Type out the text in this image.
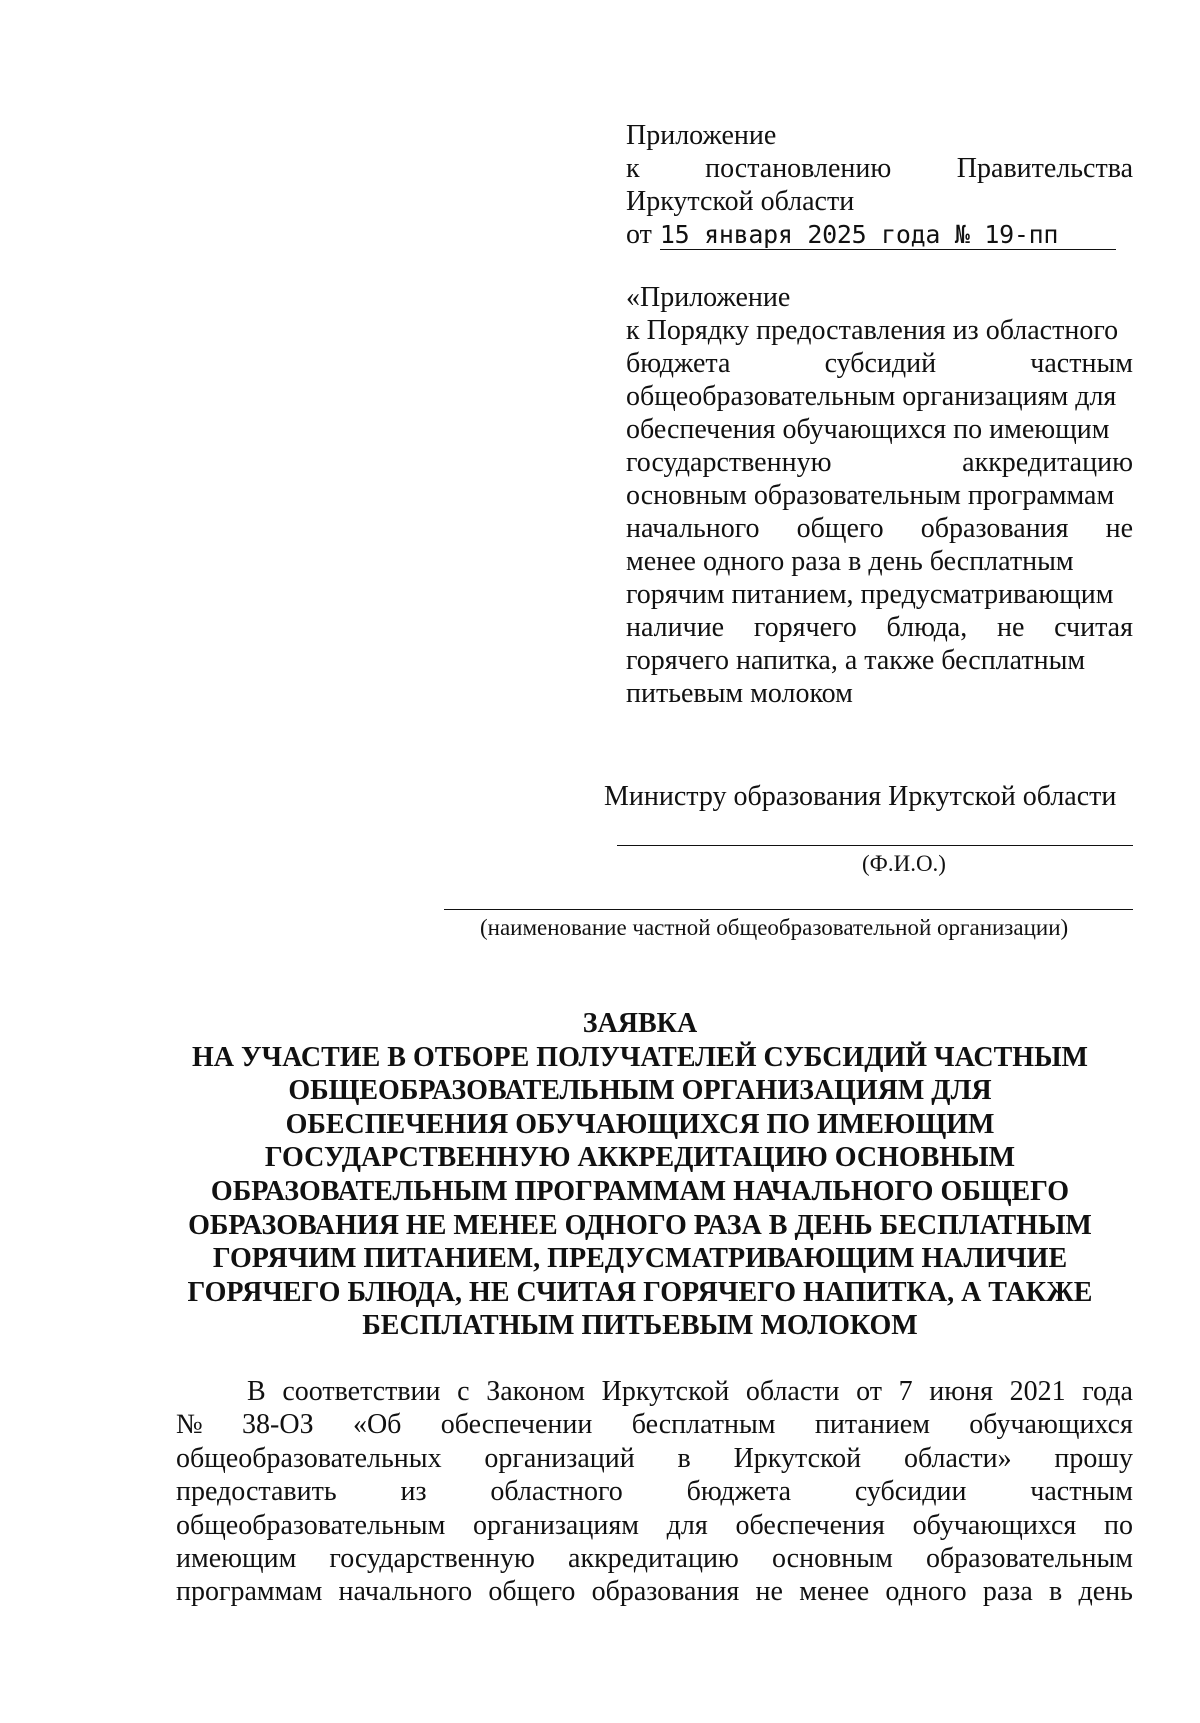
Приложение
к постановлению Правительства
Иркутской области
от 15 января 2025 года № 19-пп
«Приложение
к Порядку предоставления из областного
бюджета	субсидий	частным
общеобразовательным организациям для
обеспечения обучающихся по имеющим
государственную	аккредитацию
основным образовательным программам
начального общего образования не
менее одного раза в день бесплатным
горячим питанием, предусматривающим
наличие горячего блюда, не считая
горячего напитка, а также бесплатным
питьевым молоком
Министру образования Иркутской области
(Ф.И.О.)
(наименование частной общеобразовательной организации)
ЗАЯВКА
НА УЧАСТИЕ В ОТБОРЕ ПОЛУЧАТЕЛЕЙ СУБСИДИЙ ЧАСТНЫМ
ОБЩЕОБРАЗОВАТЕЛЬНЫМ ОРГАНИЗАЦИЯМ ДЛЯ
ОБЕСПЕЧЕНИЯ ОБУЧАЮЩИХСЯ ПО ИМЕЮЩИМ
ГОСУДАРСТВЕННУЮ АККРЕДИТАЦИЮ ОСНОВНЫМ
ОБРАЗОВАТЕЛЬНЫМ ПРОГРАММАМ НАЧАЛЬНОГО ОБЩЕГО
ОБРАЗОВАНИЯ НЕ МЕНЕЕ ОДНОГО РАЗА В ДЕНЬ БЕСПЛАТНЫМ
ГОРЯЧИМ ПИТАНИЕМ, ПРЕДУСМАТРИВАЮЩИМ НАЛИЧИЕ
ГОРЯЧЕГО БЛЮДА, НЕ СЧИТАЯ ГОРЯЧЕГО НАПИТКА, А ТАКЖЕ
БЕСПЛАТНЫМ ПИТЬЕВЫМ МОЛОКОМ
В соответствии с Законом Иркутской области от 7 июня 2021 года
№ 38-ОЗ «Об обеспечении бесплатным питанием обучающихся
общеобразовательных организаций в Иркутской области» прошу
предоставить из областного бюджета субсидии частным
общеобразовательным организациям для обеспечения обучающихся по
имеющим государственную аккредитацию основным образовательным
программам начального общего образования не менее одного раза в день
